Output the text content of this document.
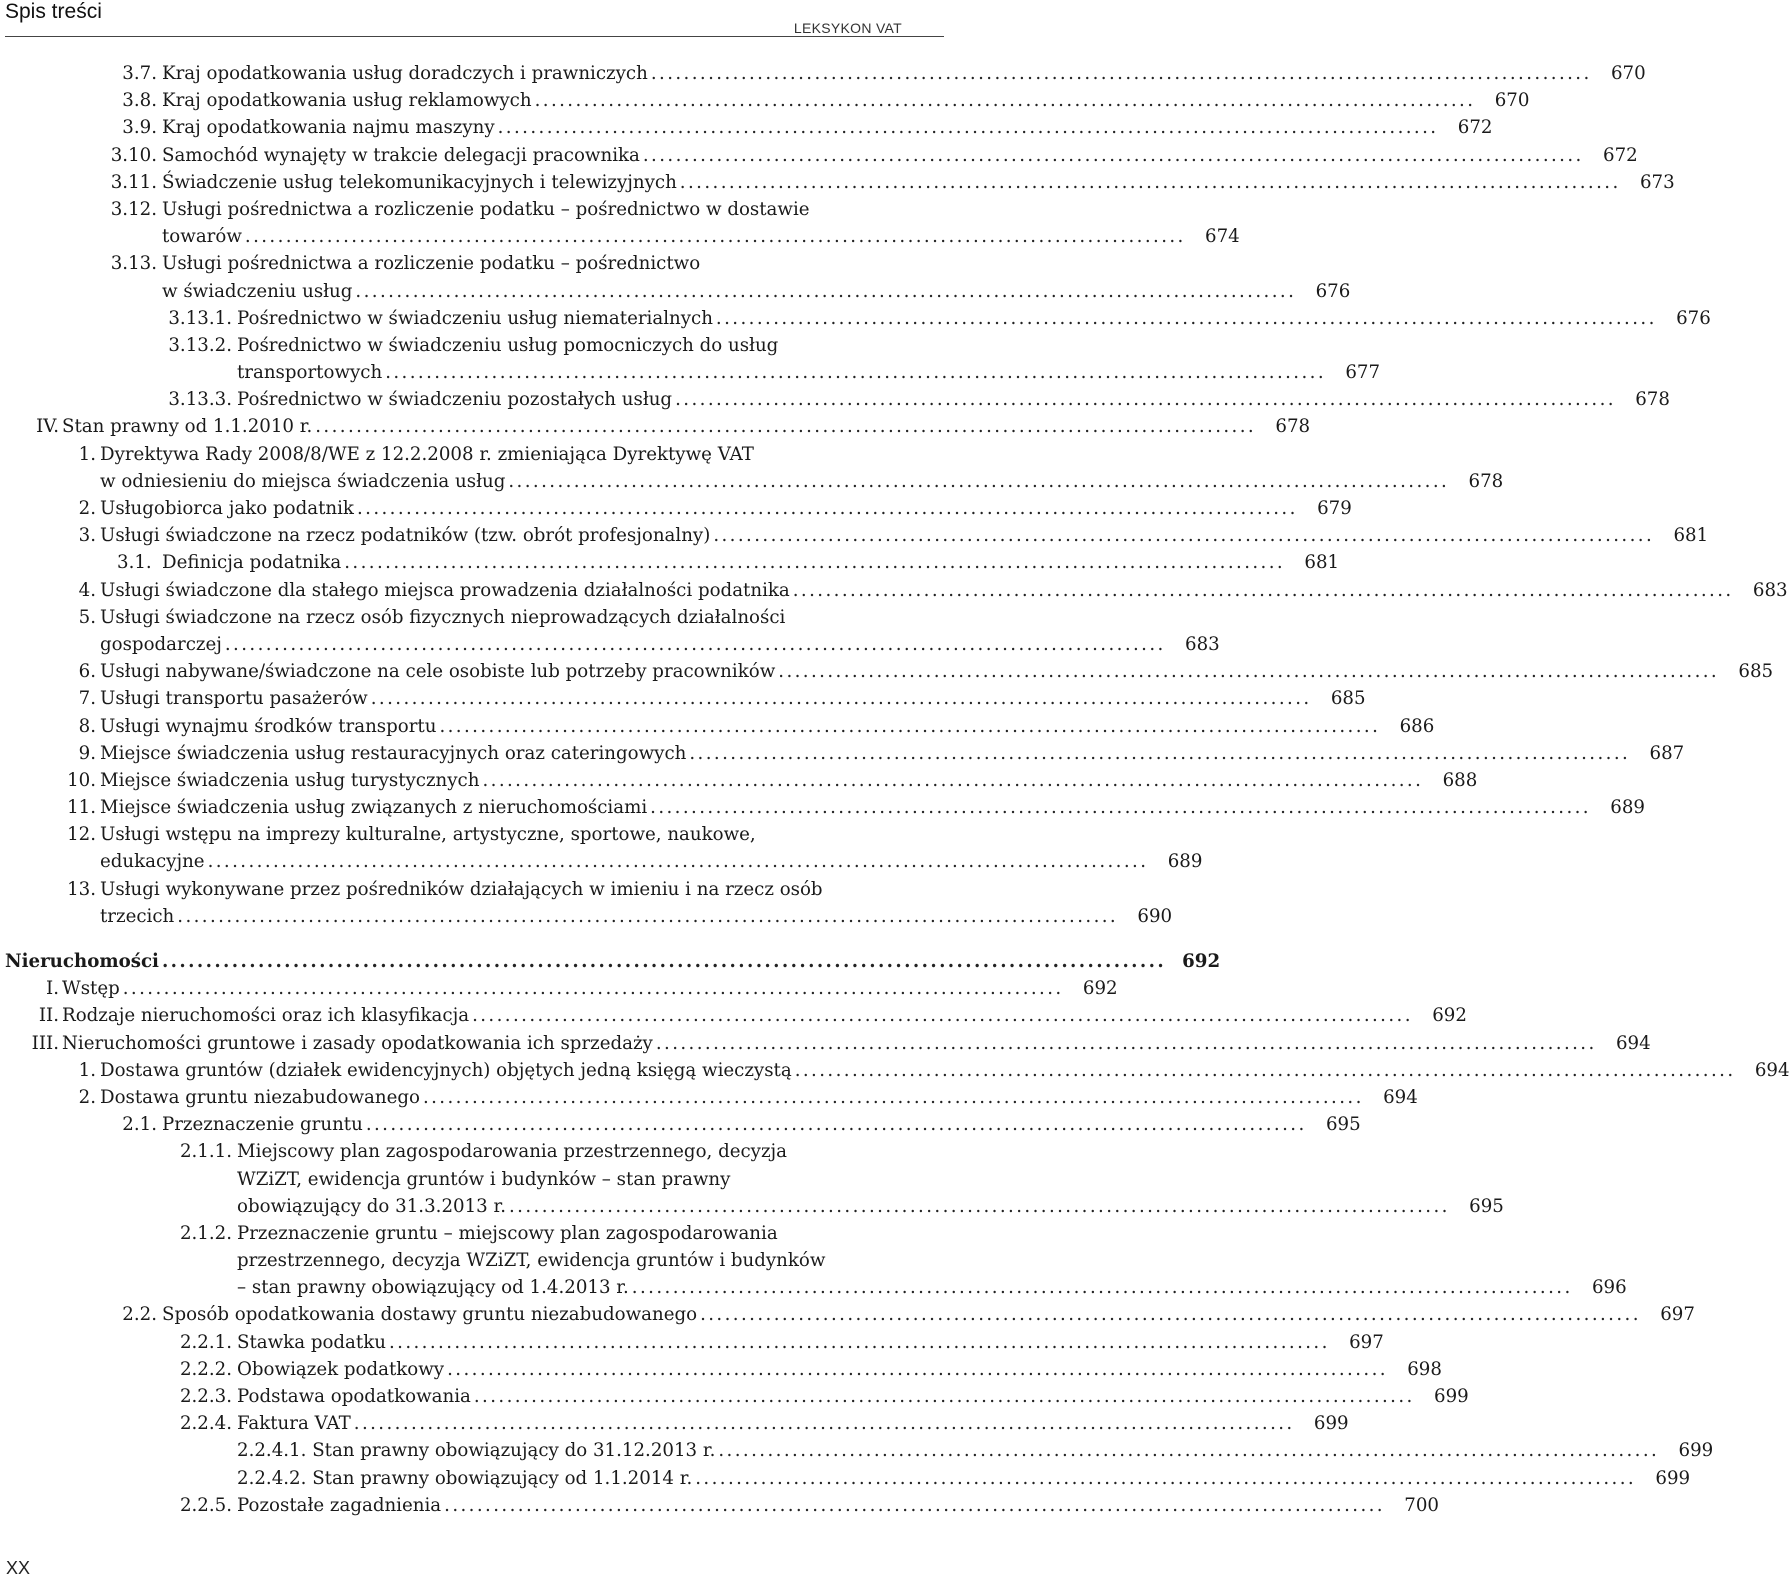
Spis treści
LEKSYKON VAT
3.7. Kraj opodatkowania usług doradczych i prawniczych ...................................................................................................................	670
3.8. Kraj opodatkowania usług reklamowych ...................................................................................................................	670
3.9. Kraj opodatkowania najmu maszyny ...................................................................................................................	672
3.10. Samochód wynajęty w trakcie delegacji pracownika ...................................................................................................................	672
3.11. Świadczenie usług telekomunikacyjnych i telewizyjnych ...................................................................................................................	673
3.12. Usługi pośrednictwa a rozliczenie podatku – pośrednictwo w dostawie
towarów ...................................................................................................................	674
3.13. Usługi pośrednictwa a rozliczenie podatku – pośrednictwo
w świadczeniu usług ...................................................................................................................	676
3.13.1. Pośrednictwo w świadczeniu usług niematerialnych ...................................................................................................................	676
3.13.2. Pośrednictwo w świadczeniu usług pomocniczych do usług
transportowych ...................................................................................................................	677
3.13.3. Pośrednictwo w świadczeniu pozostałych usług ...................................................................................................................	678
IV. Stan prawny od 1.1.2010 r. ...................................................................................................................	678
1. Dyrektywa Rady 2008/8/WE z 12.2.2008 r. zmieniająca Dyrektywę VAT
w odniesieniu do miejsca świadczenia usług ...................................................................................................................	678
2. Usługobiorca jako podatnik ...................................................................................................................	679
3. Usługi świadczone na rzecz podatników (tzw. obrót profesjonalny) ...................................................................................................................	681
3.1. Definicja podatnika ...................................................................................................................	681
4. Usługi świadczone dla stałego miejsca prowadzenia działalności podatnika ...................................................................................................................	683
5. Usługi świadczone na rzecz osób fizycznych nieprowadzących działalności
gospodarczej ...................................................................................................................	683
6. Usługi nabywane/świadczone na cele osobiste lub potrzeby pracowników ...................................................................................................................	685
7. Usługi transportu pasażerów ...................................................................................................................	685
8. Usługi wynajmu środków transportu ...................................................................................................................	686
9. Miejsce świadczenia usług restauracyjnych oraz cateringowych ...................................................................................................................	687
10. Miejsce świadczenia usług turystycznych ...................................................................................................................	688
11. Miejsce świadczenia usług związanych z nieruchomościami ...................................................................................................................	689
12. Usługi wstępu na imprezy kulturalne, artystyczne, sportowe, naukowe,
edukacyjne ...................................................................................................................	689
13. Usługi wykonywane przez pośredników działających w imieniu i na rzecz osób
trzecich ...................................................................................................................	690
Nieruchomości ................................................................................................................... 692
I. Wstęp ...................................................................................................................	692
II. Rodzaje nieruchomości oraz ich klasyfikacja ...................................................................................................................	692
III. Nieruchomości gruntowe i zasady opodatkowania ich sprzedaży ...................................................................................................................	694
1. Dostawa gruntów (działek ewidencyjnych) objętych jedną księgą wieczystą ...................................................................................................................	694
2. Dostawa gruntu niezabudowanego ...................................................................................................................	694
2.1. Przeznaczenie gruntu ...................................................................................................................	695
2.1.1. Miejscowy plan zagospodarowania przestrzennego, decyzja
WZiZT, ewidencja gruntów i budynków – stan prawny
obowiązujący do 31.3.2013 r. ...................................................................................................................	695
2.1.2. Przeznaczenie gruntu – miejscowy plan zagospodarowania
przestrzennego, decyzja WZiZT, ewidencja gruntów i budynków
– stan prawny obowiązujący od 1.4.2013 r. ...................................................................................................................	696
2.2. Sposób opodatkowania dostawy gruntu niezabudowanego ...................................................................................................................	697
2.2.1. Stawka podatku ...................................................................................................................	697
2.2.2. Obowiązek podatkowy ...................................................................................................................	698
2.2.3. Podstawa opodatkowania ...................................................................................................................	699
2.2.4. Faktura VAT ...................................................................................................................	699
2.2.4.1. Stan prawny obowiązujący do 31.12.2013 r. ...................................................................................................................	699
2.2.4.2. Stan prawny obowiązujący od 1.1.2014 r. ...................................................................................................................	699
2.2.5. Pozostałe zagadnienia ...................................................................................................................	700
XX
